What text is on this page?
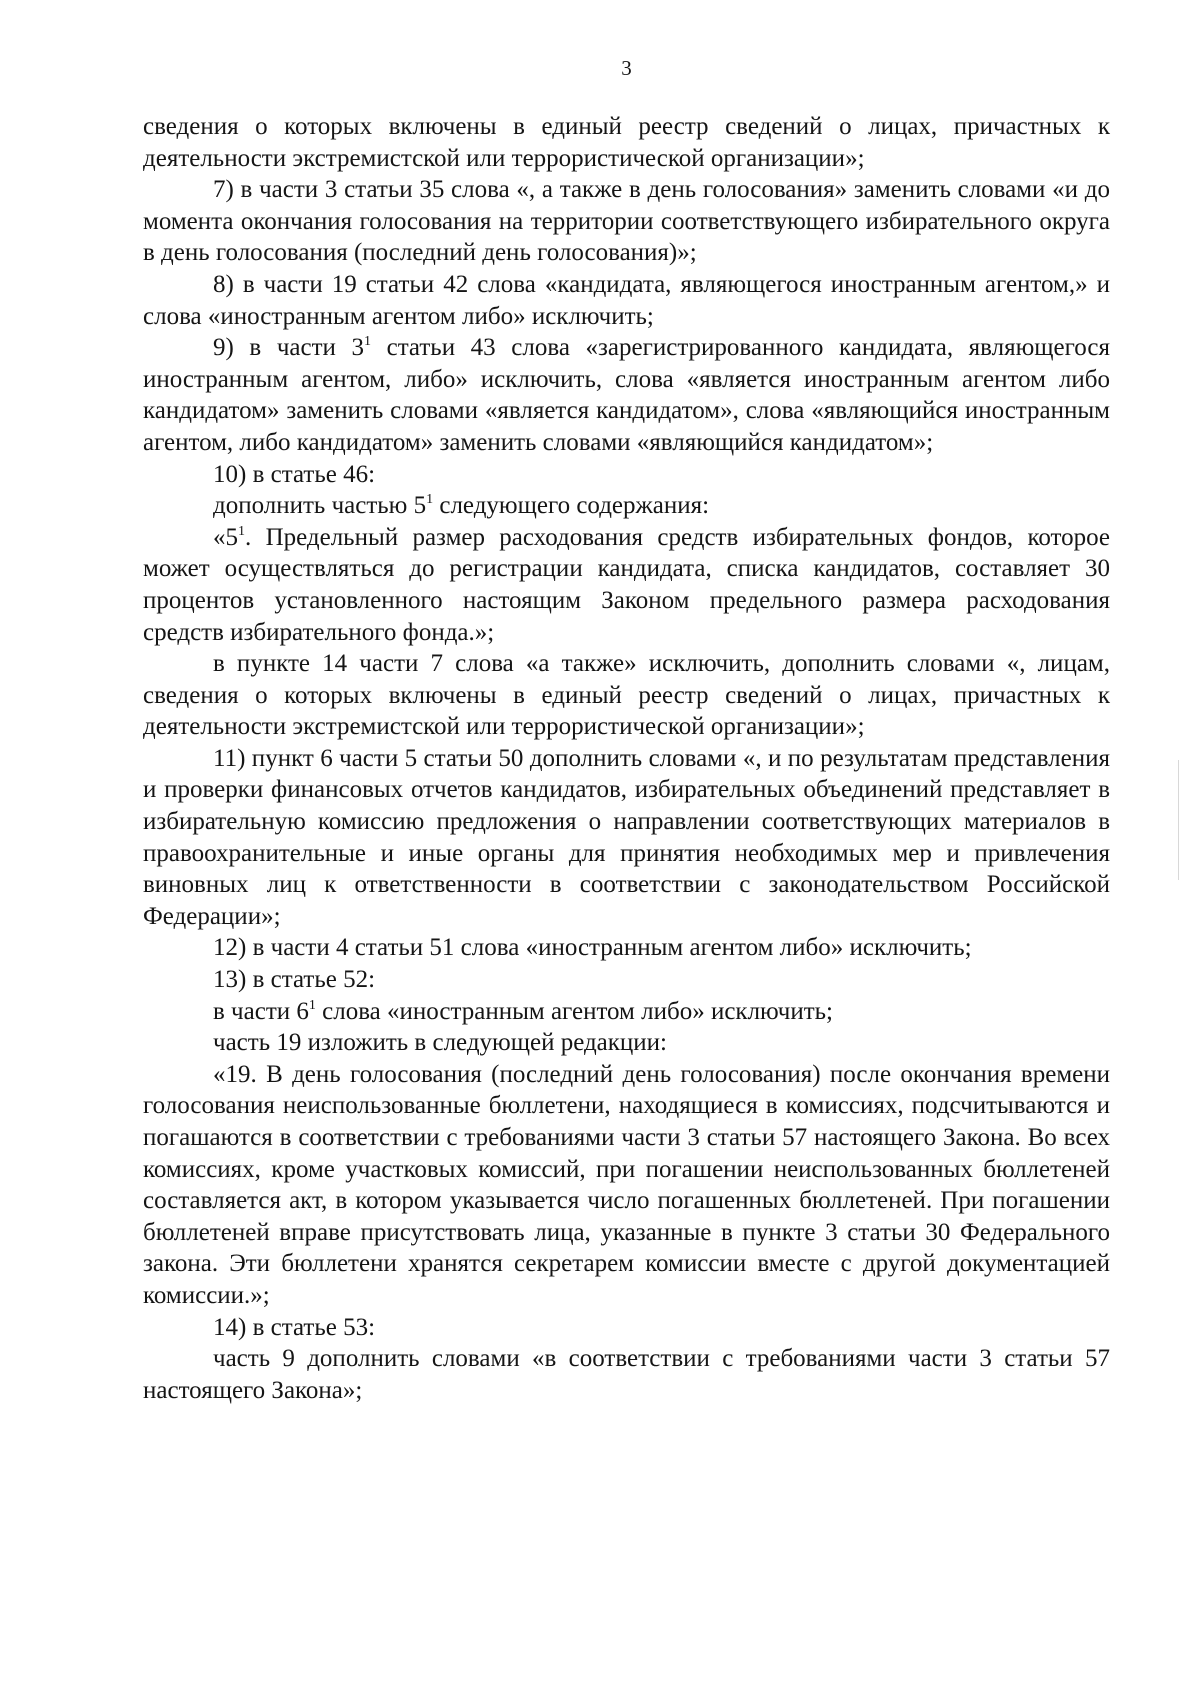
3

сведения о которых включены в единый реестр сведений о лицах, причастных к деятельности экстремистской или террористической организации»;

7) в части 3 статьи 35 слова «, а также в день голосования» заменить словами «и до момента окончания голосования на территории соответствующего избирательного округа в день голосования (последний день голосования)»;

8) в части 19 статьи 42 слова «кандидата, являющегося иностранным агентом,» и слова «иностранным агентом либо» исключить;

9) в части $3^1$ статьи 43 слова «зарегистрированного кандидата, являющегося иностранным агентом, либо» исключить, слова «является иностранным агентом либо кандидатом» заменить словами «является кандидатом», слова «являющийся иностранным агентом, либо кандидатом» заменить словами «являющийся кандидатом»;

10) в статье 46:

дополнить частью $5^1$ следующего содержания:

«$5^1$. Предельный размер расходования средств избирательных фондов, которое может осуществляться до регистрации кандидата, списка кандидатов, составляет 30 процентов установленного настоящим Законом предельного размера расходования средств избирательного фонда.»;

в пункте 14 части 7 слова «а также» исключить, дополнить словами «, лицам, сведения о которых включены в единый реестр сведений о лицах, причастных к деятельности экстремистской или террористической организации»;

11) пункт 6 части 5 статьи 50 дополнить словами «, и по результатам представления и проверки финансовых отчетов кандидатов, избирательных объединений представляет в избирательную комиссию предложения о направлении соответствующих материалов в правоохранительные и иные органы для принятия необходимых мер и привлечения виновных лиц к ответственности в соответствии с законодательством Российской Федерации»;

12) в части 4 статьи 51 слова «иностранным агентом либо» исключить;

13) в статье 52:

в части $6^1$ слова «иностранным агентом либо» исключить;

часть 19 изложить в следующей редакции:

«19. В день голосования (последний день голосования) после окончания времени голосования неиспользованные бюллетени, находящиеся в комиссиях, подсчитываются и погашаются в соответствии с требованиями части 3 статьи 57 настоящего Закона. Во всех комиссиях, кроме участковых комиссий, при погашении неиспользованных бюллетеней составляется акт, в котором указывается число погашенных бюллетеней. При погашении бюллетеней вправе присутствовать лица, указанные в пункте 3 статьи 30 Федерального закона. Эти бюллетени хранятся секретарем комиссии вместе с другой документацией комиссии.»;

14) в статье 53:

часть 9 дополнить словами «в соответствии с требованиями части 3 статьи 57 настоящего Закона»;
